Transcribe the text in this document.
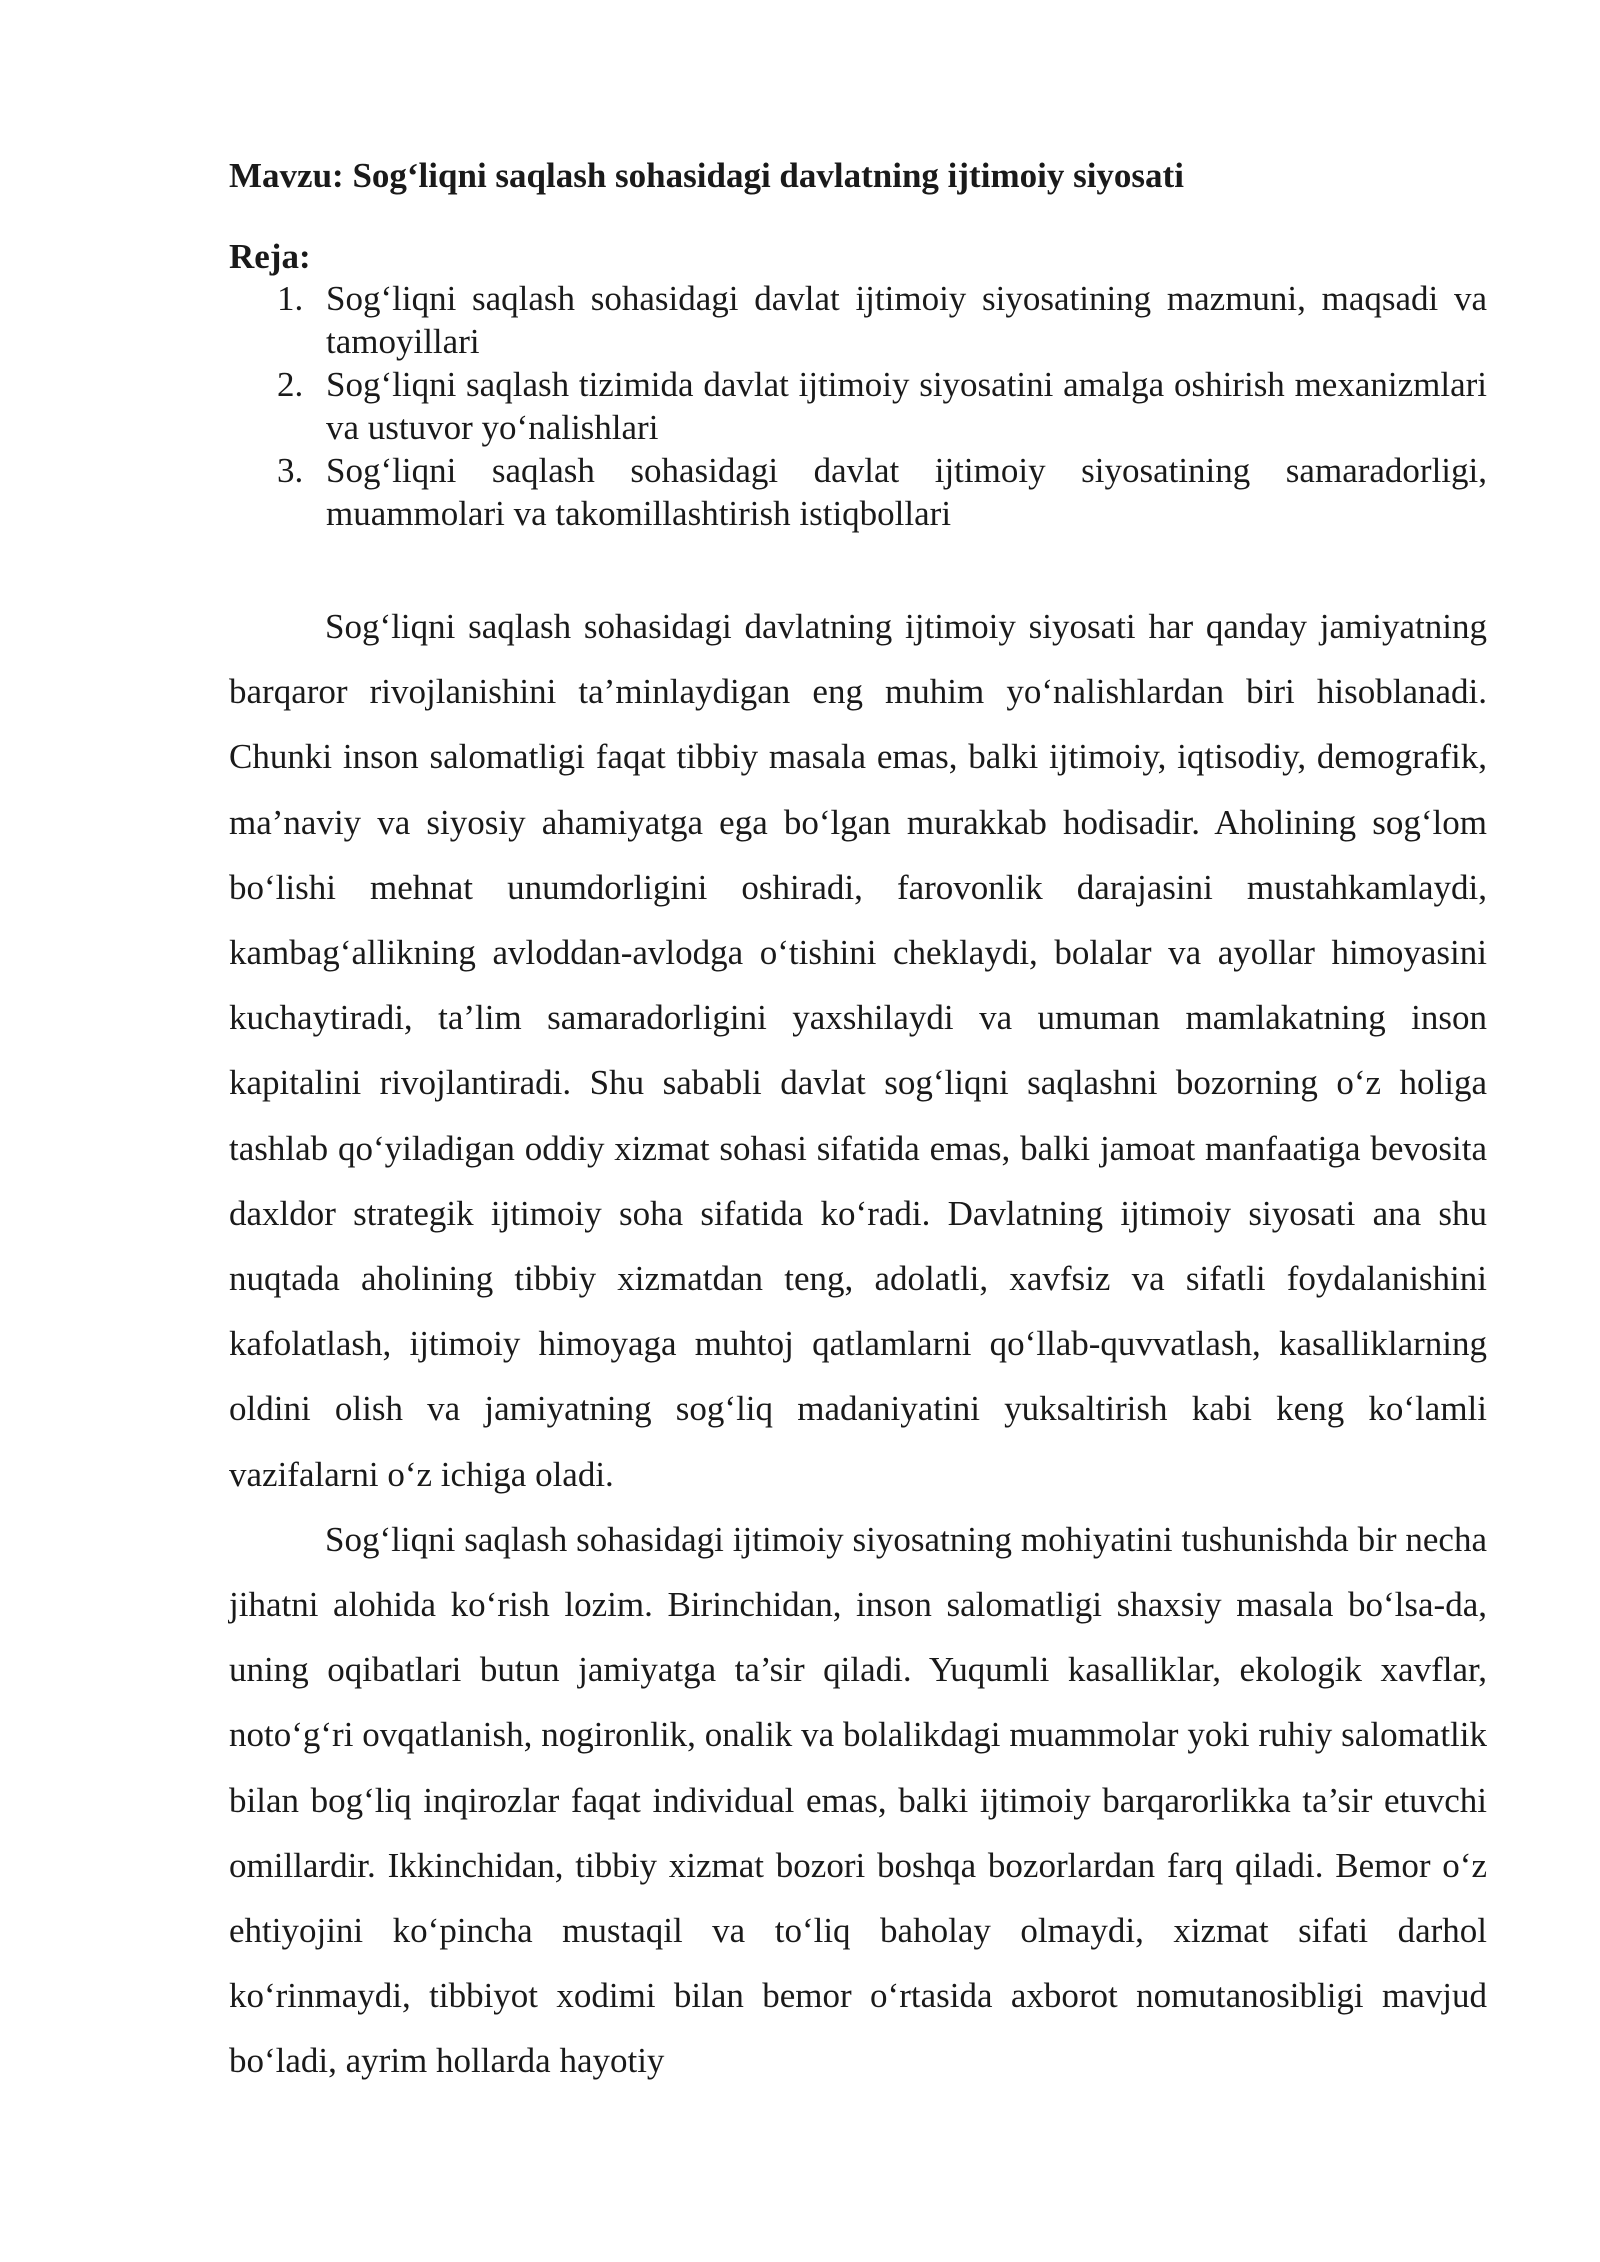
Mavzu: Sog‘liqni saqlash sohasidagi davlatning ijtimoiy siyosati
Reja:
1. Sog‘liqni saqlash sohasidagi davlat ijtimoiy siyosatining mazmuni, maqsadi va tamoyillari
2. Sog‘liqni saqlash tizimida davlat ijtimoiy siyosatini amalga oshirish mexanizmlari va ustuvor yo‘nalishlari
3. Sog‘liqni saqlash sohasidagi davlat ijtimoiy siyosatining samaradorligi, muammolari va takomillashtirish istiqbollari

Sog‘liqni saqlash sohasidagi davlatning ijtimoiy siyosati har qanday jamiyatning barqaror rivojlanishini ta’minlaydigan eng muhim yo‘nalishlardan biri hisoblanadi. Chunki inson salomatligi faqat tibbiy masala emas, balki ijtimoiy, iqtisodiy, demografik, ma’naviy va siyosiy ahamiyatga ega bo‘lgan murakkab hodisadir. Aholining sog‘lom bo‘lishi mehnat unumdorligini oshiradi, farovonlik darajasini mustahkamlaydi, kambag‘allikning avloddan-avlodga o‘tishini cheklaydi, bolalar va ayollar himoyasini kuchaytiradi, ta’lim samaradorligini yaxshilaydi va umuman mamlakatning inson kapitalini rivojlantiradi. Shu sababli davlat sog‘liqni saqlashni bozorning o‘z holiga tashlab qo‘yiladigan oddiy xizmat sohasi sifatida emas, balki jamoat manfaatiga bevosita daxldor strategik ijtimoiy soha sifatida ko‘radi. Davlatning ijtimoiy siyosati ana shu nuqtada aholining tibbiy xizmatdan teng, adolatli, xavfsiz va sifatli foydalanishini kafolatlash, ijtimoiy himoyaga muhtoj qatlamlarni qo‘llab-quvvatlash, kasalliklarning oldini olish va jamiyatning sog‘liq madaniyatini yuksaltirish kabi keng ko‘lamli vazifalarni o‘z ichiga oladi.

Sog‘liqni saqlash sohasidagi ijtimoiy siyosatning mohiyatini tushunishda bir necha jihatni alohida ko‘rish lozim. Birinchidan, inson salomatligi shaxsiy masala bo‘lsa-da, uning oqibatlari butun jamiyatga ta’sir qiladi. Yuqumli kasalliklar, ekologik xavflar, noto‘g‘ri ovqatlanish, nogironlik, onalik va bolalikdagi muammolar yoki ruhiy salomatlik bilan bog‘liq inqirozlar faqat individual emas, balki ijtimoiy barqarorlikka ta’sir etuvchi omillardir. Ikkinchidan, tibbiy xizmat bozori boshqa bozorlardan farq qiladi. Bemor o‘z ehtiyojini ko‘pincha mustaqil va to‘liq baholay olmaydi, xizmat sifati darhol ko‘rinmaydi, tibbiyot xodimi bilan bemor o‘rtasida axborot nomutanosibligi mavjud bo‘ladi, ayrim hollarda hayotiy
